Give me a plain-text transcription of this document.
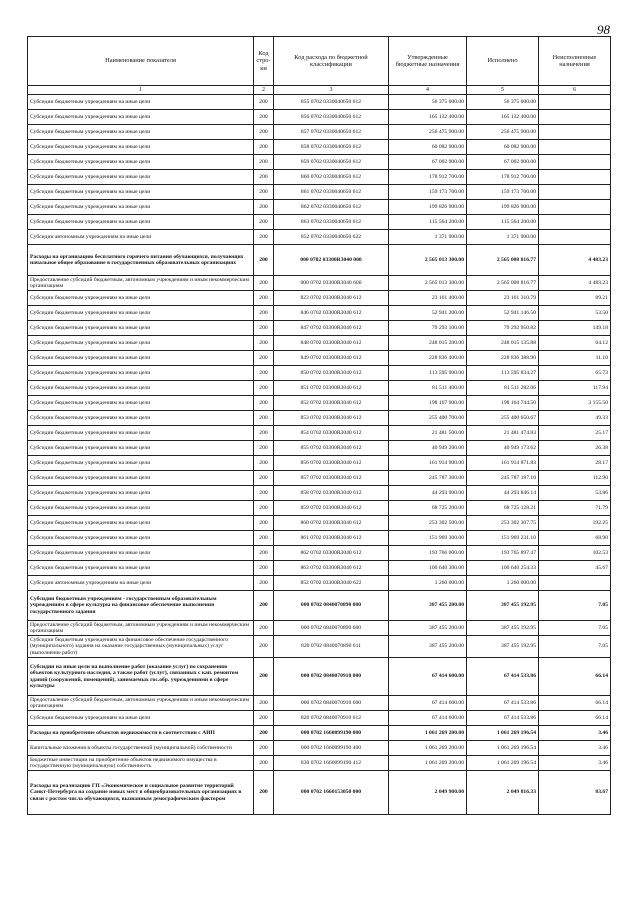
98
Наименование показателя	Код стро-ки	Код расхода по бюджетной классификации	Утвержденные бюджетные назначения	Исполнено	Неисполненные назначения
1	2	3	4	5	6
Субсидии бюджетным учреждениям на иные цели	200	855 0702 0330040650 612	56 375 000.00	56 375 000.00	
Субсидии бюджетным учреждениям на иные цели	200	856 0702 0330040650 612	165 132 400.00	165 132 400.00	
Субсидии бюджетным учреждениям на иные цели	200	857 0702 0330040650 612	256 475 900.00	256 475 900.00	
Субсидии бюджетным учреждениям на иные цели	200	858 0702 0330040650 612	60 082 900.00	60 082 900.00	
Субсидии бюджетным учреждениям на иные цели	200	859 0702 0330040650 612	67 002 900.00	67 002 900.00	
Субсидии бюджетным учреждениям на иные цели	200	860 0702 0330040650 612	178 912 700.00	178 912 700.00	
Субсидии бюджетным учреждениям на иные цели	200	861 0702 0330040650 612	159 173 700.00	159 173 700.00	
Субсидии бюджетным учреждениям на иные цели	200	862 0702 0330040650 612	199 826 900.00	199 826 900.00	
Субсидии бюджетным учреждениям на иные цели	200	863 0702 0330040650 612	115 564 200.00	115 564 200.00	
Субсидии автономным учреждениям на иные цели	200	852 0702 0330040650 622	1 371 900.00	1 371 900.00	
Расходы на организацию бесплатного горячего питания обучающихся, получающих начальное общее образование в государственных образовательных организациях	200	000 0702 03300R3040 000	2 565 013 300.00	2 565 008 816.77	4 483.23
Предоставление субсидий бюджетным, автономным учреждениям и иным некоммерческим организациям	200	000 0702 03300R3040 600	2 565 013 300.00	2 565 008 816.77	4 483.23
Субсидии бюджетным учреждениям на иные цели	200	823 0702 03300R3040 612	23 161 400.00	23 161 310.79	89.21
Субсидии бюджетным учреждениям на иные цели	200	846 0702 03300R3040 612	52 941 200.00	52 941 146.50	53.50
Субсидии бюджетным учреждениям на иные цели	200	847 0702 03300R3040 612	79 293 100.00	79 292 950.82	149.18
Субсидии бюджетным учреждениям на иные цели	200	848 0702 03300R3040 612	248 015 200.00	248 015 135.88	64.12
Субсидии бюджетным учреждениям на иные цели	200	849 0702 03300R3040 612	228 836 400.00	228 836 388.90	11.10
Субсидии бюджетным учреждениям на иные цели	200	850 0702 03300R3040 612	113 595 900.00	113 595 834.27	65.73
Субсидии бюджетным учреждениям на иные цели	200	851 0702 03300R3040 612	81 511 400.00	81 511 282.06	117.94
Субсидии бюджетным учреждениям на иные цели	200	852 0702 03300R3040 612	198 167 900.00	198 164 744.50	3 155.50
Субсидии бюджетным учреждениям на иные цели	200	853 0702 03300R3040 612	255 400 700.00	255 400 650.67	49.33
Субсидии бюджетным учреждениям на иные цели	200	854 0702 03300R3040 612	21 481 500.00	21 481 474.83	25.17
Субсидии бюджетным учреждениям на иные цели	200	855 0702 03300R3040 612	40 949 200.00	40 949 173.62	26.38
Субсидии бюджетным учреждениям на иные цели	200	856 0702 03300R3040 612	161 914 900.00	161 914 871.83	28.17
Субсидии бюджетным учреждениям на иные цели	200	857 0702 03300R3040 612	245 787 300.00	245 787 187.10	112.90
Субсидии бюджетным учреждениям на иные цели	200	858 0702 03300R3040 612	44 293 900.00	44 293 846.14	53.86
Субсидии бюджетным учреждениям на иные цели	200	859 0702 03300R3040 612	68 725 200.00	68 725 128.21	71.79
Субсидии бюджетным учреждениям на иные цели	200	860 0702 03300R3040 612	253 302 500.00	253 302 307.75	192.25
Субсидии бюджетным учреждениям на иные цели	200	861 0702 03300R3040 612	151 969 300.00	151 969 231.10	68.90
Субсидии бюджетным учреждениям на иные цели	200	862 0702 03300R3040 612	193 766 000.00	193 765 897.47	102.53
Субсидии бюджетным учреждениям на иные цели	200	863 0702 03300R3040 612	100 640 300.00	100 640 254.33	45.67
Субсидии автономным учреждениям на иные цели	200	852 0702 03300R3040 622	1 260 000.00	1 260 000.00	
Субсидии бюджетным учреждениям - государственным образовательным учреждениям в сфере культуры на финансовое обеспечение выполнения государственного задания	200	000 0702 0840070890 000	387 455 200.00	387 455 192.95	7.05
Предоставление субсидий бюджетным, автономным учреждениям и иным некоммерческим организациям	200	000 0702 0840070890 600	387 455 200.00	387 455 192.95	7.05
Субсидии бюджетным учреждениям на финансовое обеспечение государственного (муниципального) задания на оказание государственных (муниципальных) услуг (выполнение работ)	200	820 0702 0840070890 611	387 455 200.00	387 455 192.95	7.05
Субсидии на иные цели на выполнение работ (оказание услуг) по сохранению объектов культурного наследия, а также работ (услуг), связанных с кап. ремонтом зданий (сооружений, помещений), занимаемых гос.обр. учреждениями в сфере культуры	200	000 0702 0840070910 000	67 414 600.00	67 414 533.86	66.14
Предоставление субсидий бюджетным, автономным учреждениям и иным некоммерческим организациям	200	000 0702 0840070910 600	67 414 600.00	67 414 533.86	66.14
Субсидии бюджетным учреждениям на иные цели	200	820 0702 0840070910 612	67 414 600.00	67 414 533.86	66.14
Расходы на приобретение объектов недвижимости в соответствии с АИП	200	000 0702 1660099190 000	1 061 269 200.00	1 061 269 196.54	3.46
Капитальные вложения в объекты государственной (муниципальной) собственности	200	000 0702 1660099190 400	1 061 269 200.00	1 061 269 196.54	3.46
Бюджетные инвестиции на приобретение объектов недвижимого имущества в государственную (муниципальную) собственность	200	830 0702 1660099190 412	1 061 269 200.00	1 061 269 196.54	3.46
Расходы на реализацию ГП «Экономическое и социальное развитие территорий Санкт-Петербурга на создание новых мест в общеобразовательных организациях в связи с ростом числа обучающихся, вызванным демографическим фактором	200	000 0702 1660153050 000	2 049 900.00	2 049 816.33	83.67
